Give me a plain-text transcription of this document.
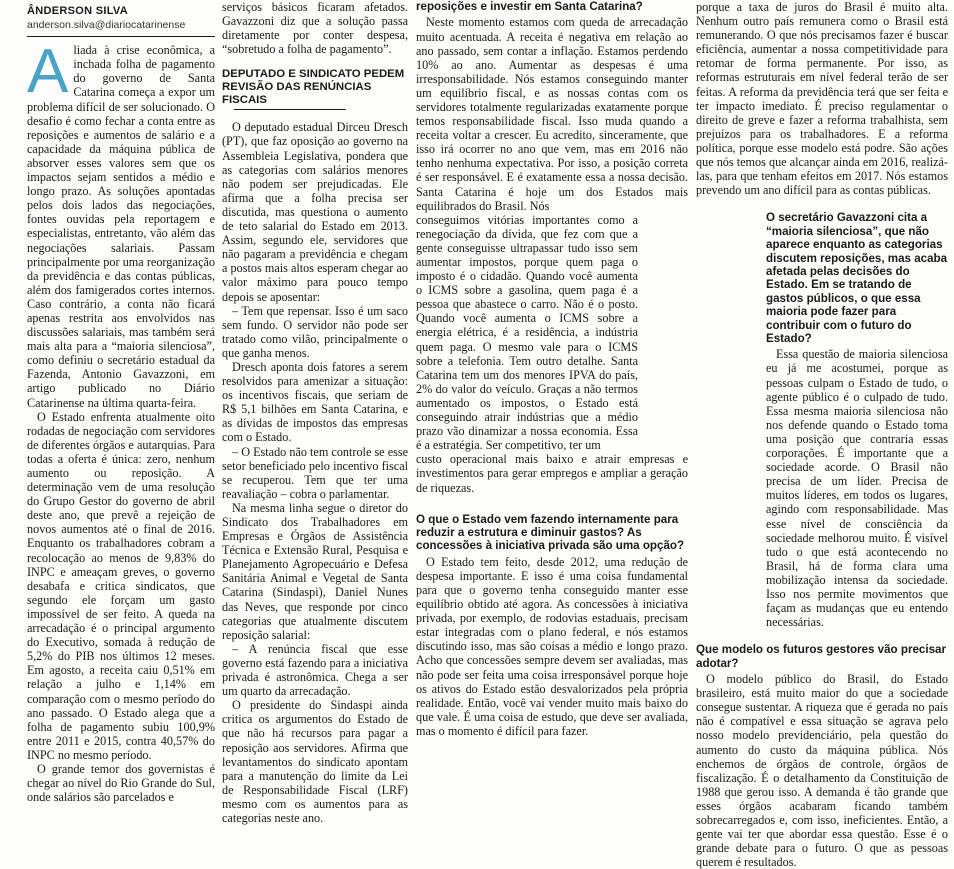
ÂNDERSON SILVA
anderson.silva@diariocatarinense

Aliada à crise econômica, a inchada folha de pagamento do governo de Santa Catarina começa a expor um problema difícil de ser solucionado. O desafio é como fechar a conta entre as reposições e aumentos de salário e a capacidade da máquina pública de absorver esses valores sem que os impactos sejam sentidos a médio e longo prazo. As soluções apontadas pelos dois lados das negociações, fontes ouvidas pela reportagem e especialistas, entretanto, vão além das negociações salariais. Passam principalmente por uma reorganização da previdência e das contas públicas, além dos famigerados cortes internos. Caso contrário, a conta não ficará apenas restrita aos envolvidos nas discussões salariais, mas também será mais alta para a “maioria silenciosa”, como definiu o secretário estadual da Fazenda, Antonio Gavazzoni, em artigo publicado no Diário Catarinense na última quarta-feira.

O Estado enfrenta atualmente oito rodadas de negociação com servidores de diferentes órgãos e autarquias. Para todas a oferta é única: zero, nenhum aumento ou reposição. A determinação vem de uma resolução do Grupo Gestor do governo de abril deste ano, que prevê a rejeição de novos aumentos até o final de 2016. Enquanto os trabalhadores cobram a recolocação ao menos de 9,83% do INPC e ameaçam greves, o governo desabafa e critica sindicatos, que segundo ele forçam um gasto impossível de ser feito. A queda na arrecadação é o principal argumento do Executivo, somada à redução de 5,2% do PIB nos últimos 12 meses. Em agosto, a receita caiu 0,51% em relação a julho e 1,14% em comparação com o mesmo período do ano passado. O Estado alega que a folha de pagamento subiu 100,9% entre 2011 e 2015, contra 40,57% do INPC no mesmo período.

O grande temor dos governistas é chegar ao nível do Rio Grande do Sul, onde salários são parcelados e

serviços básicos ficaram afetados. Gavazzoni diz que a solução passa diretamente por conter despesa, “sobretudo a folha de pagamento”.

DEPUTADO E SINDICATO PEDEM REVISÃO DAS RENÚNCIAS FISCAIS

O deputado estadual Dirceu Dresch (PT), que faz oposição ao governo na Assembleia Legislativa, pondera que as categorias com salários menores não podem ser prejudicadas. Ele afirma que a folha precisa ser discutida, mas questiona o aumento de teto salarial do Estado em 2013. Assim, segundo ele, servidores que não pagaram a previdência e chegam a postos mais altos esperam chegar ao valor máximo para pouco tempo depois se aposentar:

– Tem que repensar. Isso é um saco sem fundo. O servidor não pode ser tratado como vilão, principalmente o que ganha menos.

Dresch aponta dois fatores a serem resolvidos para amenizar a situação: os incentivos fiscais, que seriam de R$ 5,1 bilhões em Santa Catarina, e as dívidas de impostos das empresas com o Estado.

– O Estado não tem controle se esse setor beneficiado pelo incentivo fiscal se recuperou. Tem que ter uma reavaliação – cobra o parlamentar.

Na mesma linha segue o diretor do Sindicato dos Trabalhadores em Empresas e Órgãos de Assistência Técnica e Extensão Rural, Pesquisa e Planejamento Agropecuário e Defesa Sanitária Animal e Vegetal de Santa Catarina (Sindaspi), Daniel Nunes das Neves, que responde por cinco categorias que atualmente discutem reposição salarial:

– A renúncia fiscal que esse governo está fazendo para a iniciativa privada é astronômica. Chega a ser um quarto da arrecadação.

O presidente do Sindaspi ainda critica os argumentos do Estado de que não há recursos para pagar a reposição aos servidores. Afirma que levantamentos do sindicato apontam para a manutenção do limite da Lei de Responsabilidade Fiscal (LRF) mesmo com os aumentos para as categorias neste ano.

reposições e investir em Santa Catarina?

Neste momento estamos com queda de arrecadação muito acentuada. A receita é negativa em relação ao ano passado, sem contar a inflação. Estamos perdendo 10% ao ano. Aumentar as despesas é uma irresponsabilidade. Nós estamos conseguindo manter um equilíbrio fiscal, e as nossas contas com os servidores totalmente regularizadas exatamente porque temos responsabilidade fiscal. Isso muda quando a receita voltar a crescer. Eu acredito, sinceramente, que isso irá ocorrer no ano que vem, mas em 2016 não tenho nenhuma expectativa. Por isso, a posição correta é ser responsável. E é exatamente essa a nossa decisão. Santa Catarina é hoje um dos Estados mais equilibrados do Brasil. Nós

conseguimos vitórias importantes como a renegociação da dívida, que fez com que a gente conseguisse ultrapassar tudo isso sem aumentar impostos, porque quem paga o imposto é o cidadão. Quando você aumenta o ICMS sobre a gasolina, quem paga é a pessoa que abastece o carro. Não é o posto. Quando você aumenta o ICMS sobre a energia elétrica, é a residência, a indústria quem paga. O mesmo vale para o ICMS sobre a telefonia. Tem outro detalhe. Santa Catarina tem um dos menores IPVA do país, 2% do valor do veículo. Graças a não termos aumentado os impostos, o Estado está conseguindo atrair indústrias que a médio prazo vão dinamizar a nossa economia. Essa é a estratégia. Ser competitivo, ter um

custo operacional mais baixo e atrair empresas e investimentos para gerar empregos e ampliar a geração de riquezas.

O que o Estado vem fazendo internamente para reduzir a estrutura e diminuir gastos? As concessões à iniciativa privada são uma opção?

O Estado tem feito, desde 2012, uma redução de despesa importante. E isso é uma coisa fundamental para que o governo tenha conseguido manter esse equilíbrio obtido até agora. As concessões à iniciativa privada, por exemplo, de rodovias estaduais, precisam estar integradas com o plano federal, e nós estamos discutindo isso, mas são coisas a médio e longo prazo. Acho que concessões sempre devem ser avaliadas, mas não pode ser feita uma coisa irresponsável porque hoje os ativos do Estado estão desvalorizados pela própria realidade. Então, você vai vender muito mais baixo do que vale. É uma coisa de estudo, que deve ser avaliada, mas o momento é difícil para fazer.

porque a taxa de juros do Brasil é muito alta. Nenhum outro país remunera como o Brasil está remunerando. O que nós precisamos fazer é buscar eficiência, aumentar a nossa competitividade para retomar de forma permanente. Por isso, as reformas estruturais em nível federal terão de ser feitas. A reforma da previdência terá que ser feita e ter impacto imediato. É preciso regulamentar o direito de greve e fazer a reforma trabalhista, sem prejuízos para os trabalhadores. E a reforma política, porque esse modelo está podre. São ações que nós temos que alcançar ainda em 2016, realizá-las, para que tenham efeitos em 2017. Nós estamos prevendo um ano difícil para as contas públicas.

O secretário Gavazzoni cita a “maioria silenciosa”, que não aparece enquanto as categorias discutem reposições, mas acaba afetada pelas decisões do Estado. Em se tratando de gastos públicos, o que essa maioria pode fazer para contribuir com o futuro do Estado?

Essa questão de maioria silenciosa eu já me acostumei, porque as pessoas culpam o Estado de tudo, o agente público é o culpado de tudo. Essa mesma maioria silenciosa não nos defende quando o Estado toma uma posição que contraria essas corporações. É importante que a sociedade acorde. O Brasil não precisa de um líder. Precisa de muitos líderes, em todos os lugares, agindo com responsabilidade. Mas esse nível de consciência da sociedade melhorou muito. É visível tudo o que está acontecendo no Brasil, há de forma clara uma mobilização intensa da sociedade. Isso nos permite movimentos que façam as mudanças que eu entendo necessárias.

Que modelo os futuros gestores vão precisar adotar?

O modelo público do Brasil, do Estado brasileiro, está muito maior do que a sociedade consegue sustentar. A riqueza que é gerada no país não é compatível e essa situação se agrava pelo nosso modelo previdenciário, pela questão do aumento do custo da máquina pública. Nós enchemos de órgãos de controle, órgãos de fiscalização. É o detalhamento da Constituição de 1988 que gerou isso. A demanda é tão grande que esses órgãos acabaram ficando também sobrecarregados e, com isso, ineficientes. Então, a gente vai ter que abordar essa questão. Esse é o grande debate para o futuro. O que as pessoas querem é resultados.
